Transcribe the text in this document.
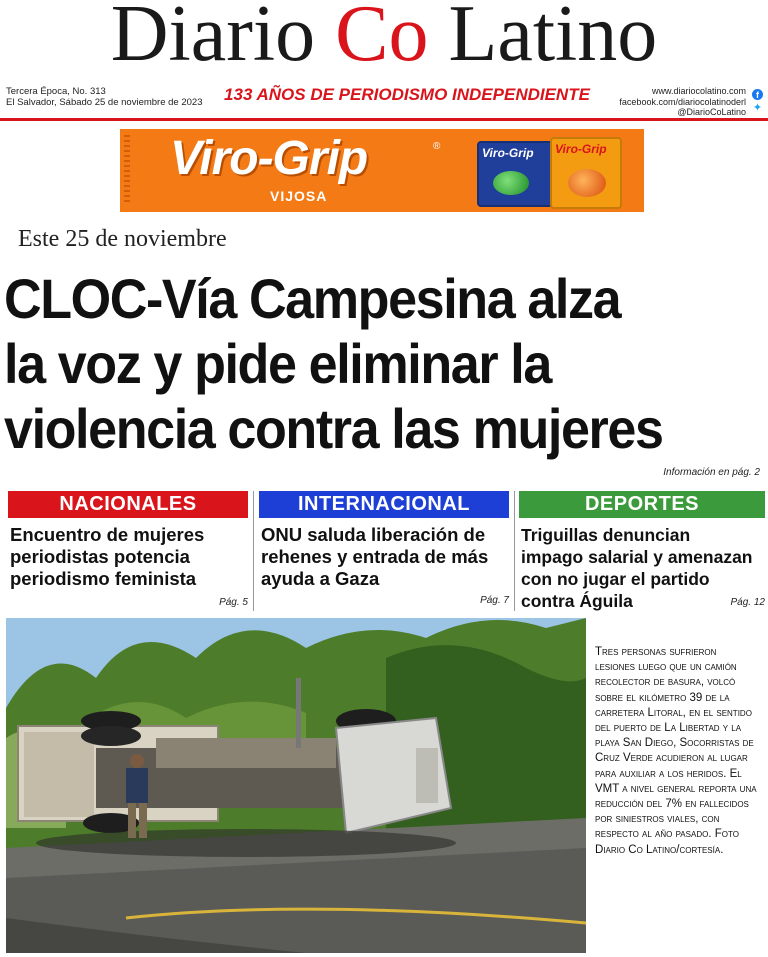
Diario Co Latino
Tercera Época, No. 313
El Salvador, Sábado 25 de noviembre de 2023	133 AÑOS DE PERIODISMO INDEPENDIENTE	www.diariocolatino.com
facebook.com/diariocolatinoderl
@DiarioCoLatino
f
✦
Viro-Grip	®
VIJOSA
Viro-Grip Viro-Grip
Este 25 de noviembre
CLOC-Vía Campesina alza
la voz y pide eliminar la
violencia contra las mujeres
Información en pág. 2
NACIONALES
Encuentro de mujeres periodistas potencia periodismo feminista
Pág. 5
INTERNACIONAL
ONU saluda liberación de rehenes y entrada de más ayuda a Gaza
Pág. 7
DEPORTES
Triguillas denuncian impago salarial y amenazan con no jugar el partido contra Águila	Pág. 12
Tres personas sufrieron lesiones luego que un camión recolector de basura, volcó sobre el kilómetro 39 de la carretera Litoral, en el sentido del puerto de La Libertad y la playa San Diego, Socorristas de Cruz Verde acudieron al lugar para auxiliar a los heridos. El VMT a nivel general reporta una reducción del 7% en fallecidos por siniestros viales, con respecto al año pasado. Foto Diario Co Latino/cortesía.
